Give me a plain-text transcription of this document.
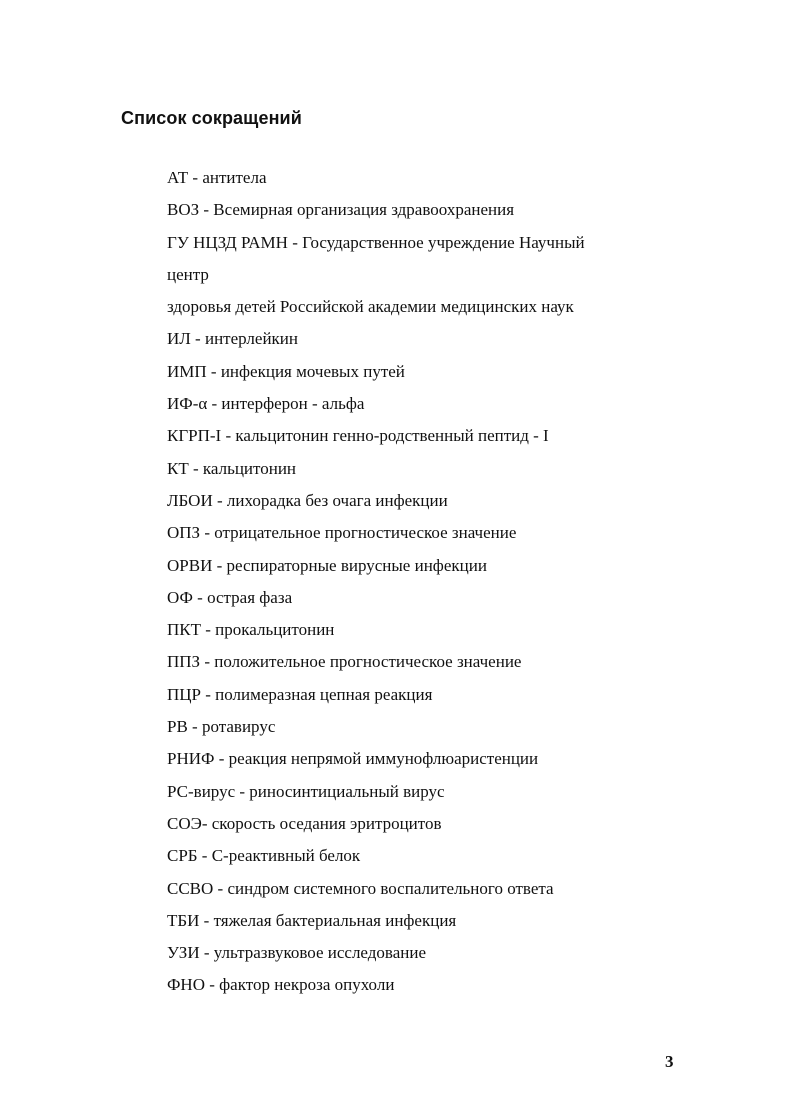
Список сокращений
АТ - антитела
ВОЗ - Всемирная организация здравоохранения
ГУ НЦЗД РАМН - Государственное учреждение Научный
центр
здоровья детей Российской академии медицинских наук
ИЛ - интерлейкин
ИМП - инфекция мочевых путей
ИФ-α - интерферон - альфа
КГРП-I - кальцитонин генно-родственный пептид - I
КТ - кальцитонин
ЛБОИ - лихорадка без очага инфекции
ОПЗ - отрицательное прогностическое значение
ОРВИ - респираторные вирусные инфекции
ОФ - острая фаза
ПКТ - прокальцитонин
ППЗ - положительное прогностическое значение
ПЦР - полимеразная цепная реакция
РВ - ротавирус
РНИФ - реакция непрямой иммунофлюаристенции
РС-вирус - риносинтициальный вирус
СОЭ- скорость оседания эритроцитов
СРБ - С-реактивный белок
ССВО - синдром системного воспалительного ответа
ТБИ - тяжелая бактериальная инфекция
УЗИ - ультразвуковое исследование
ФНО - фактор некроза опухоли
3
